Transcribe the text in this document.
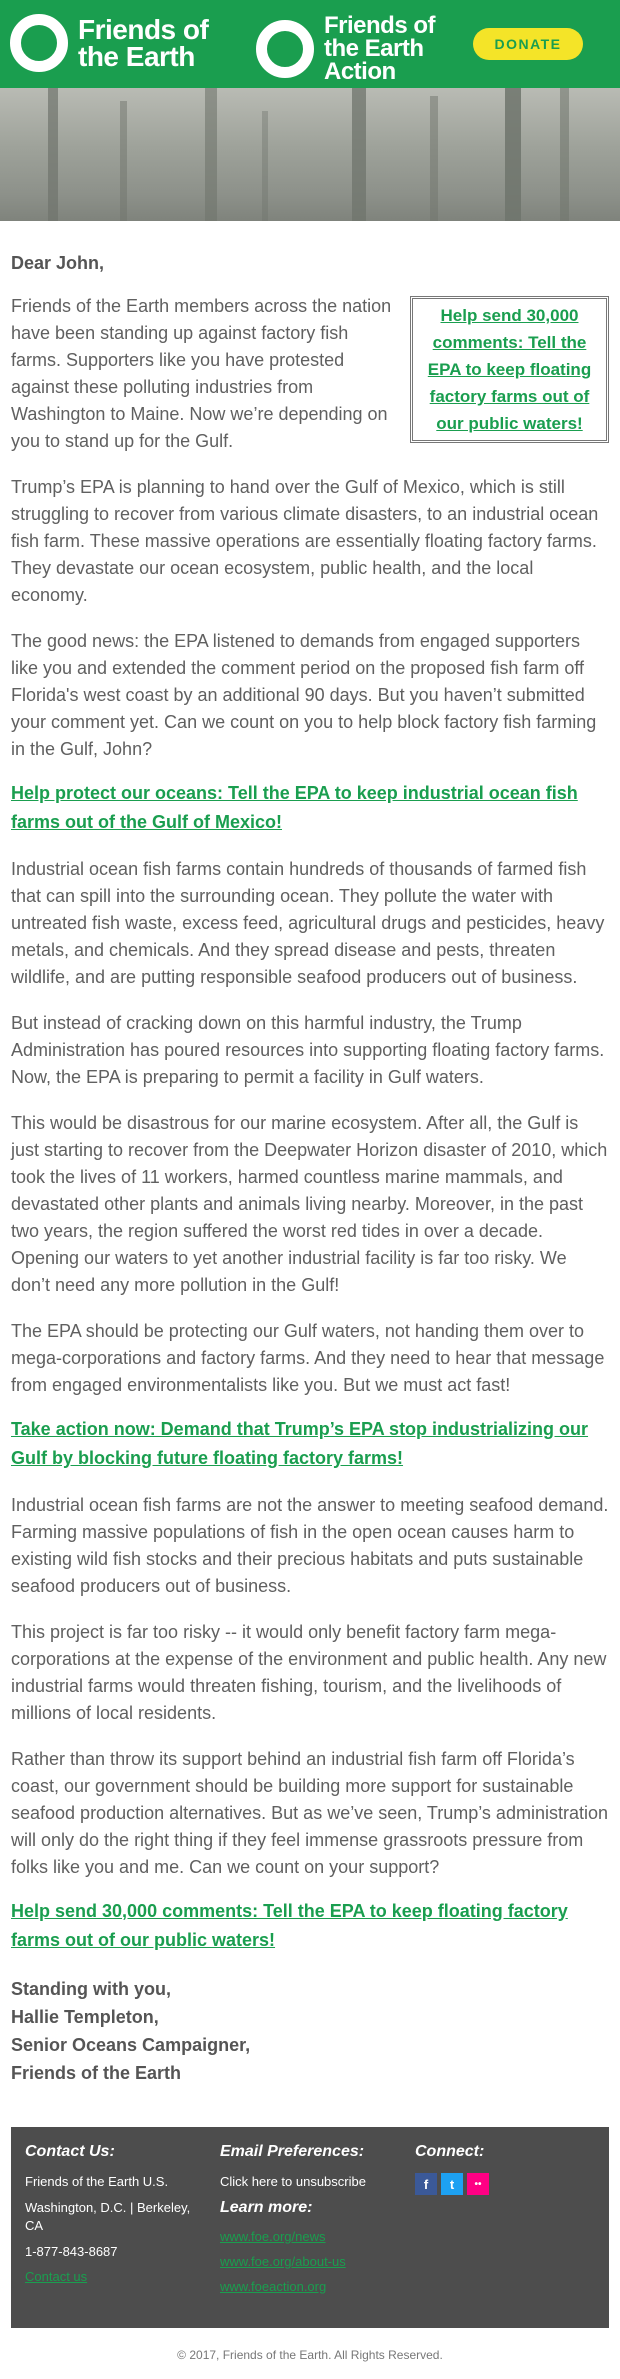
Friends of
the Earth
Friends of
the Earth
Action
DONATE
Dear John,

Help send 30,000 comments: Tell the EPA to keep floating factory farms out of our public waters!
Friends of the Earth members across the nation have been standing up against factory fish farms. Supporters like you have protested against these polluting industries from Washington to Maine. Now we’re depending on you to stand up for the Gulf.

Trump’s EPA is planning to hand over the Gulf of Mexico, which is still struggling to recover from various climate disasters, to an industrial ocean fish farm. These massive operations are essentially floating factory farms. They devastate our ocean ecosystem, public health, and the local economy.

The good news: the EPA listened to demands from engaged supporters like you and extended the comment period on the proposed fish farm off Florida's west coast by an additional 90 days. But you haven’t submitted your comment yet. Can we count on you to help block factory fish farming in the Gulf, John?

Help protect our oceans: Tell the EPA to keep industrial ocean fish farms out of the Gulf of Mexico!

Industrial ocean fish farms contain hundreds of thousands of farmed fish that can spill into the surrounding ocean. They pollute the water with untreated fish waste, excess feed, agricultural drugs and pesticides, heavy metals, and chemicals. And they spread disease and pests, threaten wildlife, and are putting responsible seafood producers out of business.

But instead of cracking down on this harmful industry, the Trump Administration has poured resources into supporting floating factory farms. Now, the EPA is preparing to permit a facility in Gulf waters.

This would be disastrous for our marine ecosystem. After all, the Gulf is just starting to recover from the Deepwater Horizon disaster of 2010, which took the lives of 11 workers, harmed countless marine mammals, and devastated other plants and animals living nearby. Moreover, in the past two years, the region suffered the worst red tides in over a decade. Opening our waters to yet another industrial facility is far too risky. We don’t need any more pollution in the Gulf!

The EPA should be protecting our Gulf waters, not handing them over to mega-corporations and factory farms. And they need to hear that message from engaged environmentalists like you. But we must act fast!

Take action now: Demand that Trump’s EPA stop industrializing our Gulf by blocking future floating factory farms!

Industrial ocean fish farms are not the answer to meeting seafood demand. Farming massive populations of fish in the open ocean causes harm to existing wild fish stocks and their precious habitats and puts sustainable seafood producers out of business.

This project is far too risky -- it would only benefit factory farm mega-corporations at the expense of the environment and public health. Any new industrial farms would threaten fishing, tourism, and the livelihoods of millions of local residents.

Rather than throw its support behind an industrial fish farm off Florida’s coast, our government should be building more support for sustainable seafood production alternatives. But as we’ve seen, Trump’s administration will only do the right thing if they feel immense grassroots pressure from folks like you and me. Can we count on your support?

Help send 30,000 comments: Tell the EPA to keep floating factory farms out of our public waters!
Standing with you,
Hallie Templeton,
Senior Oceans Campaigner,
Friends of the Earth
Contact Us:
Friends of the Earth U.S.
Washington, D.C. | Berkeley, CA
1-877-843-8687
Contact us
Email Preferences:
Click here to unsubscribe
Learn more:
www.foe.org/news
www.foe.org/about-us
www.foeaction.org
Connect:
f	t	••
© 2017, Friends of the Earth. All Rights Reserved.
